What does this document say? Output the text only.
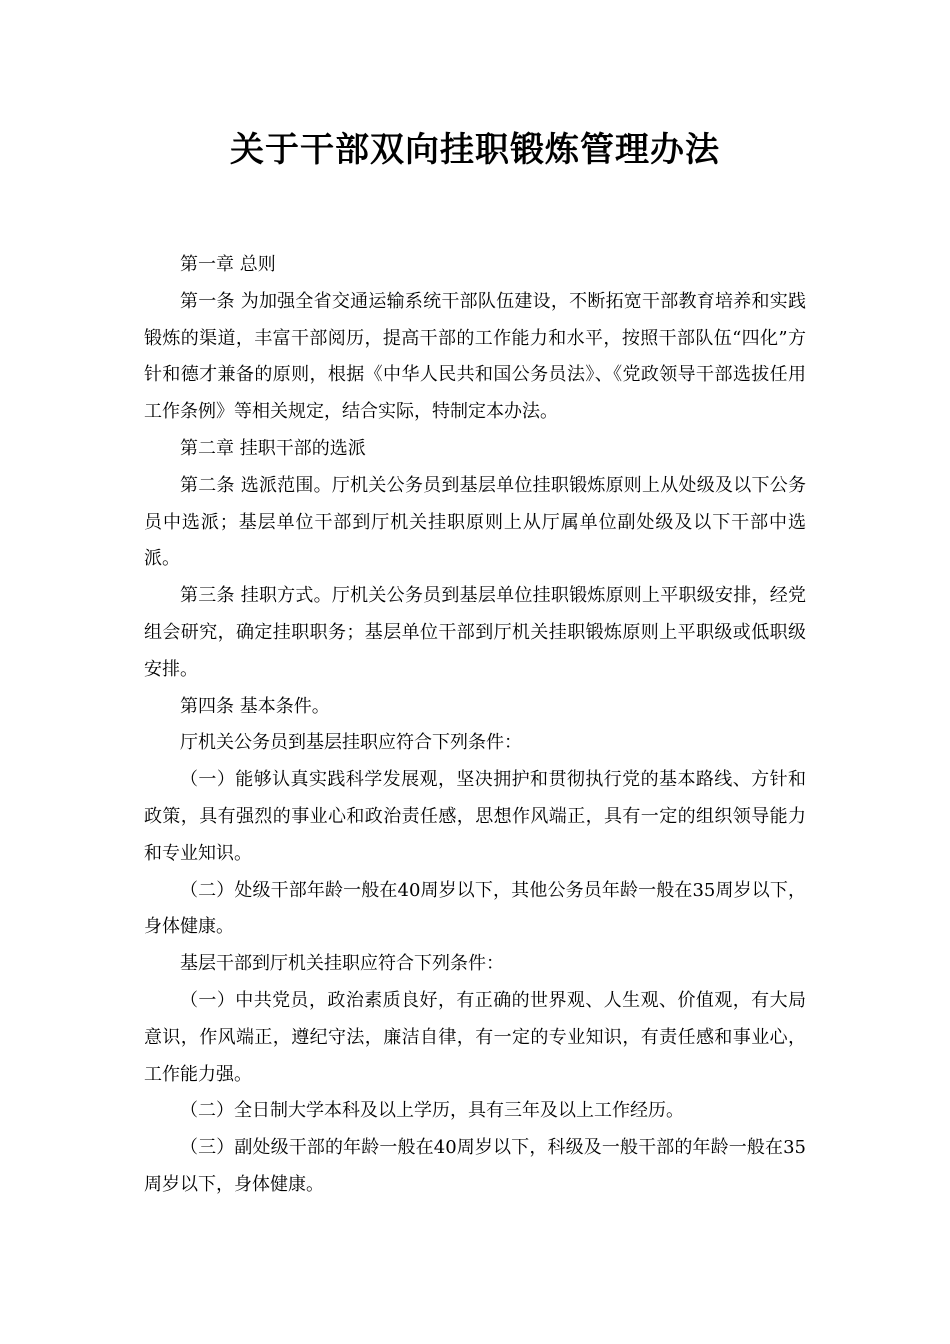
关于干部双向挂职锻炼管理办法

第一章 总则

第一条 为加强全省交通运输系统干部队伍建设，不断拓宽干部教育培养和实践锻炼的渠道，丰富干部阅历，提高干部的工作能力和水平，按照干部队伍“四化”方针和德才兼备的原则，根据《中华人民共和国公务员法》、《党政领导干部选拔任用工作条例》等相关规定，结合实际，特制定本办法。

第二章 挂职干部的选派

第二条 选派范围。厅机关公务员到基层单位挂职锻炼原则上从处级及以下公务员中选派；基层单位干部到厅机关挂职原则上从厅属单位副处级及以下干部中选派。

第三条 挂职方式。厅机关公务员到基层单位挂职锻炼原则上平职级安排，经党组会研究，确定挂职职务；基层单位干部到厅机关挂职锻炼原则上平职级或低职级安排。

第四条 基本条件。

厅机关公务员到基层挂职应符合下列条件：

（一）能够认真实践科学发展观，坚决拥护和贯彻执行党的基本路线、方针和政策，具有强烈的事业心和政治责任感，思想作风端正，具有一定的组织领导能力和专业知识。

（二）处级干部年龄一般在40周岁以下，其他公务员年龄一般在35周岁以下，身体健康。

基层干部到厅机关挂职应符合下列条件：

（一）中共党员，政治素质良好，有正确的世界观、人生观、价值观，有大局意识，作风端正，遵纪守法，廉洁自律，有一定的专业知识，有责任感和事业心，工作能力强。

（二）全日制大学本科及以上学历，具有三年及以上工作经历。

（三）副处级干部的年龄一般在40周岁以下，科级及一般干部的年龄一般在35周岁以下，身体健康。
